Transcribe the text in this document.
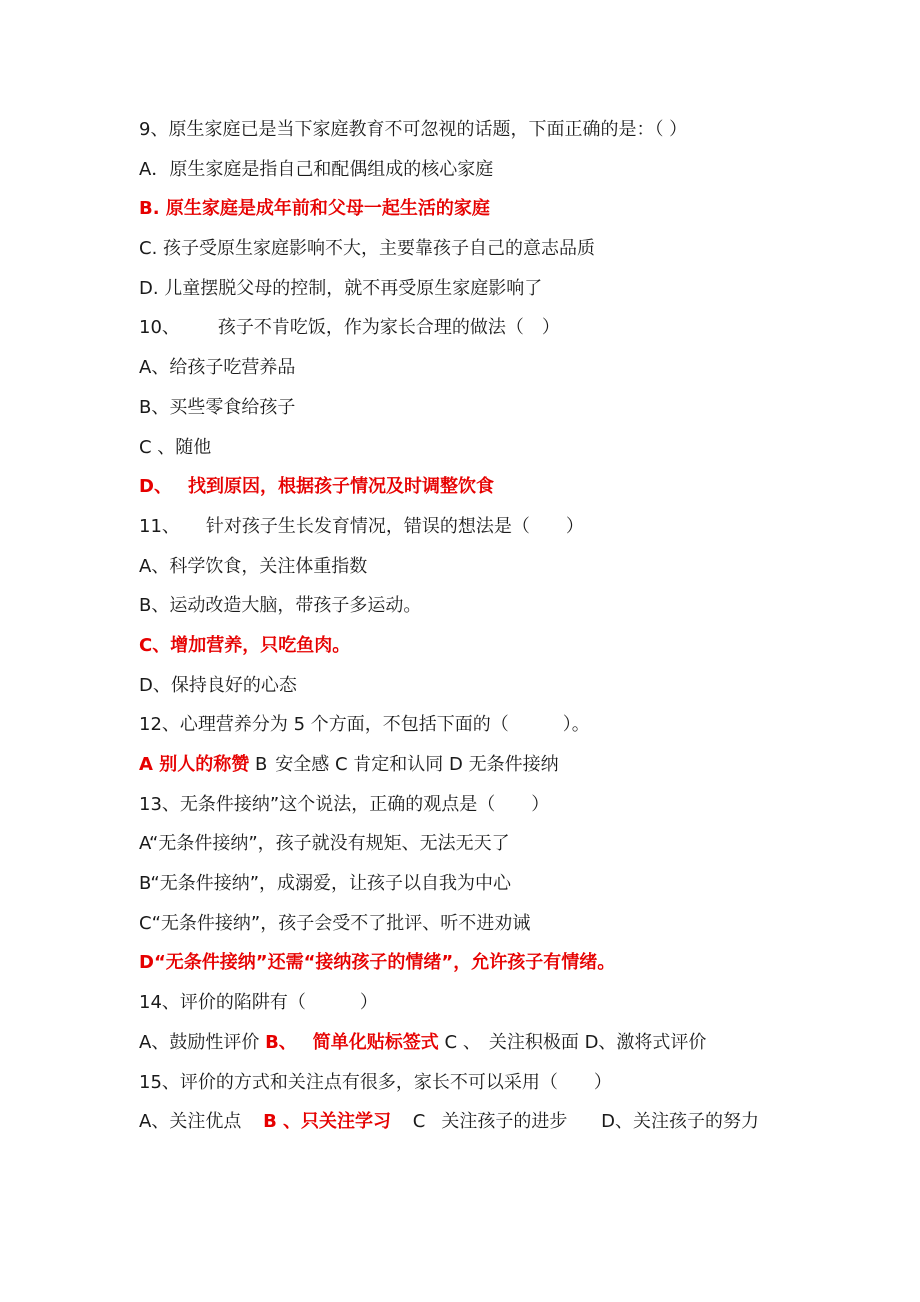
9、原生家庭已是当下家庭教育不可忽视的话题，下面正确的是：（ ）
A．原生家庭是指自己和配偶组成的核心家庭
B. 原生家庭是成年前和父母一起生活的家庭
C. 孩子受原生家庭影响不大，主要靠孩子自己的意志品质
D. 儿童摆脱父母的控制，就不再受原生家庭影响了
10、 孩子不肯吃饭，作为家长合理的做法（　）
A、给孩子吃营养品
B、买些零食给孩子
C 、随他
D、 找到原因，根据孩子情况及时调整饮食
11、 针对孩子生长发育情况，错误的想法是（　　）
A、科学饮食，关注体重指数
B、运动改造大脑，带孩子多运动。
C、增加营养，只吃鱼肉。
D、保持良好的心态
12、心理营养分为 5 个方面，不包括下面的（　　　）。
A 别人的称赞 B 安全感 C 肯定和认同 D 无条件接纳
13、无条件接纳”这个说法，正确的观点是（　　）
A“无条件接纳”，孩子就没有规矩、无法无天了
B“无条件接纳”，成溺爱，让孩子以自我为中心
C“无条件接纳”，孩子会受不了批评、听不进劝诫
D“无条件接纳”还需“接纳孩子的情绪”，允许孩子有情绪。
14、评价的陷阱有（　　　）
A、鼓励性评价 B、 简单化贴标签式 C 、 关注积极面 D、激将式评价
15、评价的方式和关注点有很多，家长不可以采用（　　）
A、关注优点 B 、只关注学习 C 关注孩子的进步 D、关注孩子的努力
